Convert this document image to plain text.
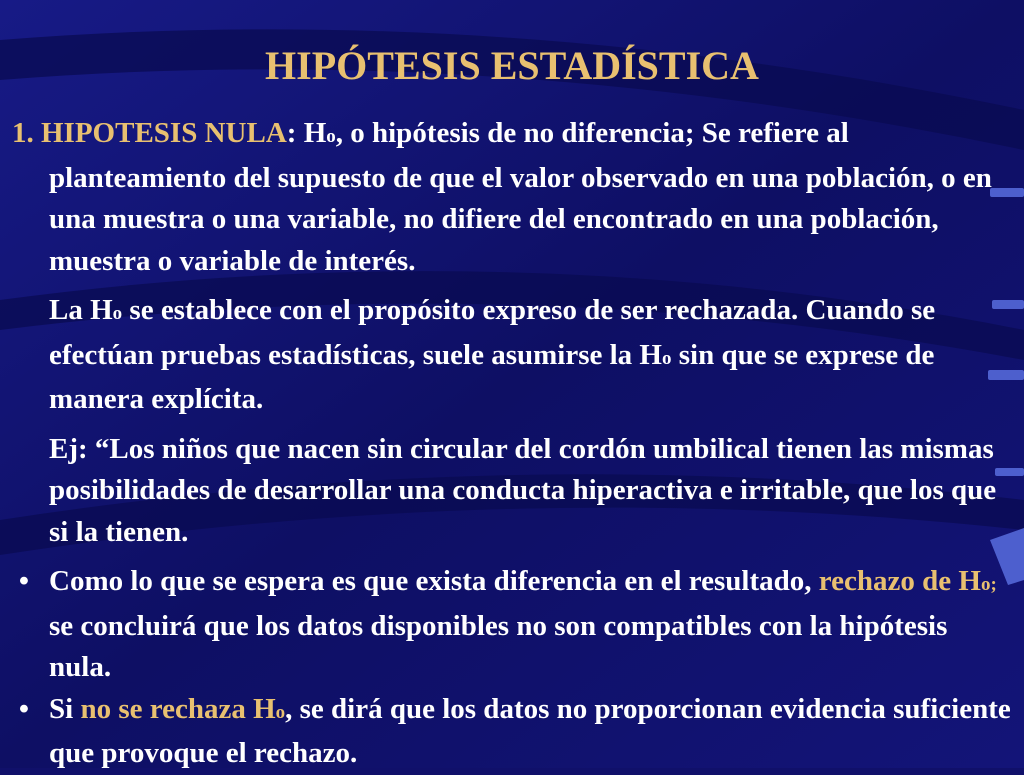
HIPÓTESIS ESTADÍSTICA

1. HIPOTESIS NULA: Ho, o hipótesis de no diferencia; Se refiere al planteamiento del supuesto de que el valor observado en una población, o en una muestra o una variable, no difiere del encontrado en una población, muestra o variable de interés.

La Ho se establece con el propósito expreso de ser rechazada. Cuando se efectúan pruebas estadísticas, suele asumirse la Ho sin que se exprese de manera explícita.

Ej: “Los niños que nacen sin circular del cordón umbilical tienen las mismas posibilidades de desarrollar una conducta hiperactiva e irritable, que los que si la tienen.

• Como lo que se espera es que exista diferencia en el resultado, rechazo de Ho; se concluirá que los datos disponibles no son compatibles con la hipótesis nula.

• Si no se rechaza Ho, se dirá que los datos no proporcionan evidencia suficiente que provoque el rechazo.
